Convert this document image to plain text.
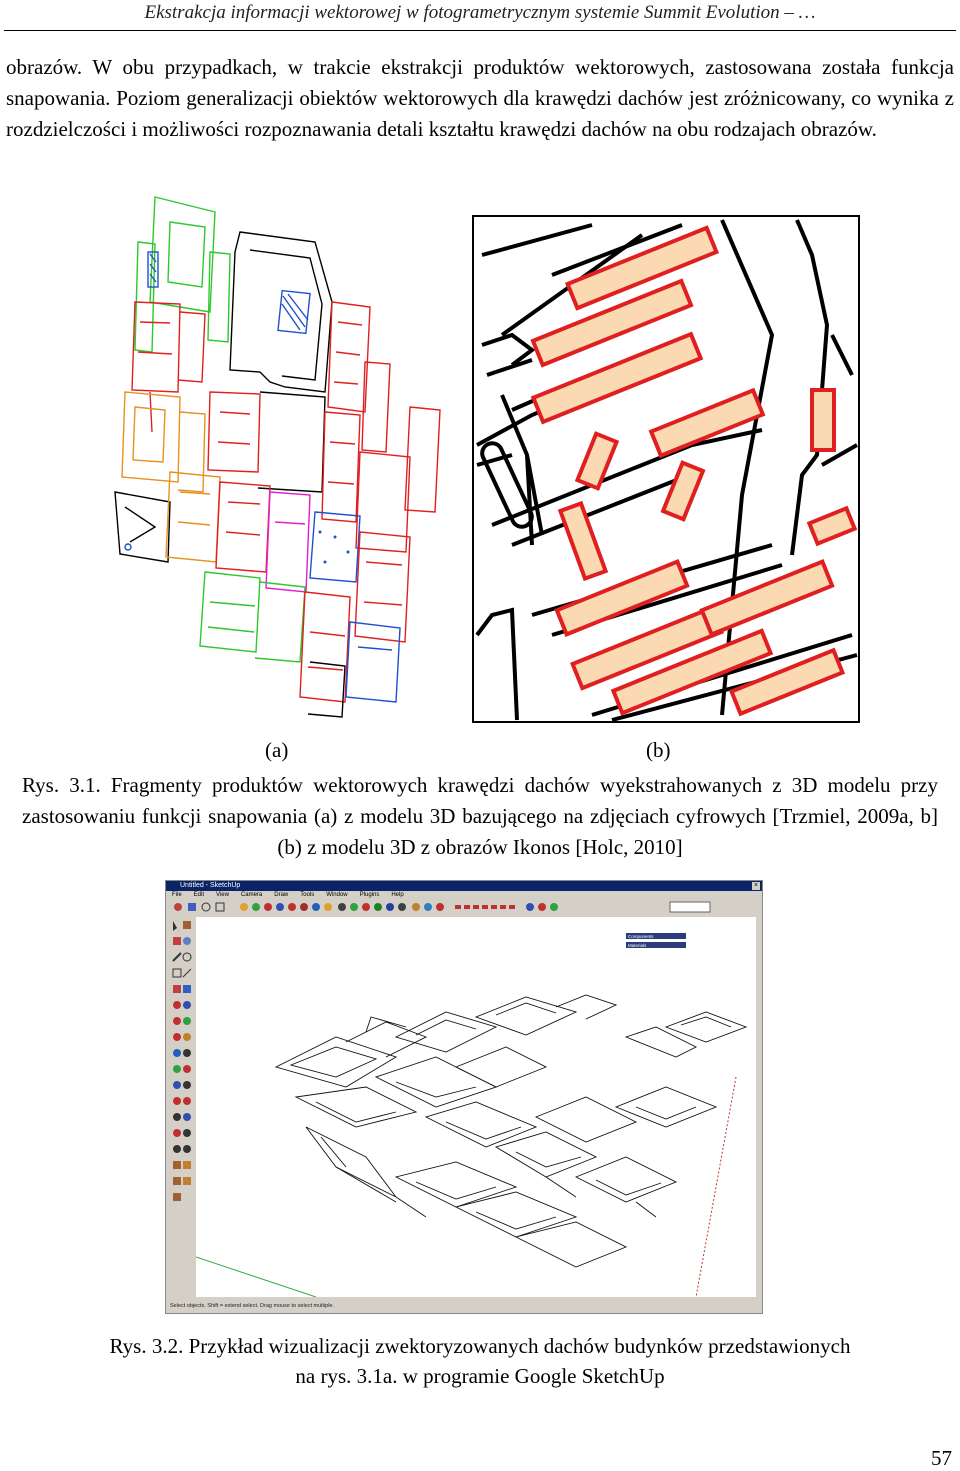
Ekstrakcja informacji wektorowej w fotogrametrycznym systemie Summit Evolution – …

obrazów. W obu przypadkach, w trakcie ekstrakcji produktów wektorowych, zastosowana została funkcja snapowania. Poziom generalizacji obiektów wektorowych dla krawędzi dachów jest zróżnicowany, co wynika z rozdzielczości i możliwości rozpoznawania detali kształtu krawędzi dachów na obu rodzajach obrazów.

(a)	(b)

Rys. 3.1. Fragmenty produktów wektorowych krawędzi dachów wyekstrahowanych z 3D modelu przy zastosowaniu funkcji snapowania (a) z modelu 3D bazującego na zdjęciach cyfrowych [Trzmiel, 2009a, b] (b) z modelu 3D z obrazów Ikonos [Holc, 2010]

Untitled - SketchUp	×
File Edit View Camera Draw Tools Window Plugins Help
Components
Materials
Select objects. Shift = extend select. Drag mouse to select multiple.

Rys. 3.2. Przykład wizualizacji zwektoryzowanych dachów budynków przedstawionych

na rys. 3.1a. w programie Google SketchUp

57
